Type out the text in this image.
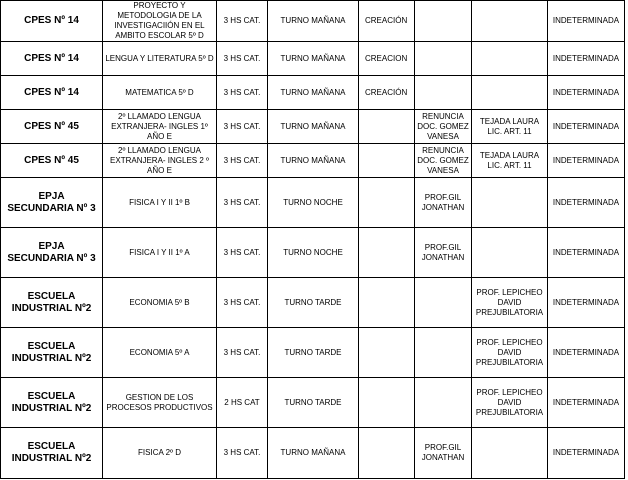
CPES Nº 14	PROYECTO Y METODOLOGIA DE LA INVESTIGACIIÓN EN EL AMBITO ESCOLAR 5º D	3 HS CAT.	TURNO MAÑANA	CREACIÓN			INDETERMINADA
CPES Nº 14	LENGUA Y LITERATURA 5º D	3 HS CAT.	TURNO MAÑANA	CREACION			INDETERMINADA
CPES Nº 14	MATEMATICA 5º D	3 HS CAT.	TURNO MAÑANA	CREACIÓN			INDETERMINADA
CPES Nº 45	2º LLAMADO LENGUA EXTRANJERA- INGLES 1º AÑO E	3 HS CAT.	TURNO MAÑANA		RENUNCIA DOC. GOMEZ VANESA	TEJADA LAURA LIC. ART. 11	INDETERMINADA
CPES Nº 45	2º LLAMADO LENGUA EXTRANJERA- INGLES 2 º AÑO E	3 HS CAT.	TURNO MAÑANA		RENUNCIA DOC. GOMEZ VANESA	TEJADA LAURA LIC. ART. 11	INDETERMINADA
EPJA SECUNDARIA Nº 3	FISICA I Y II 1º B	3 HS CAT.	TURNO NOCHE		PROF.GIL JONATHAN		INDETERMINADA
EPJA SECUNDARIA Nº 3	FISICA I Y II 1º A	3 HS CAT.	TURNO NOCHE		PROF.GIL JONATHAN		INDETERMINADA
ESCUELA INDUSTRIAL Nº2	ECONOMIA 5º B	3 HS CAT.	TURNO TARDE			PROF. LEPICHEO DAVID PREJUBILATORIA	INDETERMINADA
ESCUELA INDUSTRIAL Nº2	ECONOMIA 5º A	3 HS CAT.	TURNO TARDE			PROF. LEPICHEO DAVID PREJUBILATORIA	INDETERMINADA
ESCUELA INDUSTRIAL Nº2	GESTION DE LOS PROCESOS PRODUCTIVOS	2 HS CAT	TURNO TARDE			PROF. LEPICHEO DAVID PREJUBILATORIA	INDETERMINADA
ESCUELA INDUSTRIAL Nº2	FISICA 2º D	3 HS CAT.	TURNO MAÑANA		PROF.GIL JONATHAN		INDETERMINADA
